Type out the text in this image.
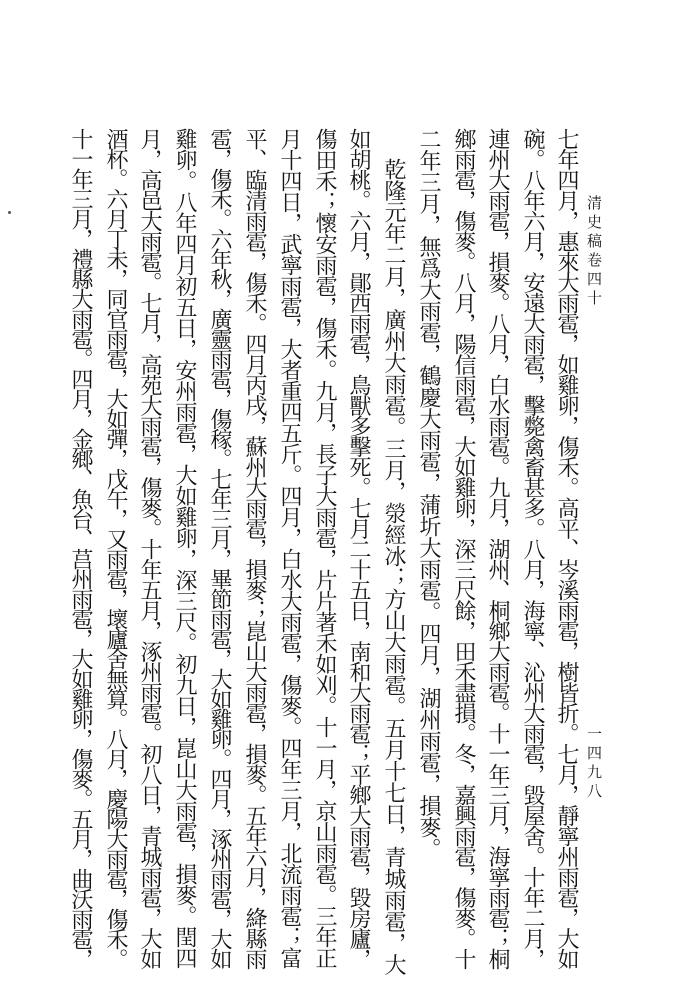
清史稿卷四十
一四九八
七年四月，惠來大雨雹，如雞卵，傷禾。高平、岑溪雨雹，樹皆折。七月，靜寧州雨雹，大如
碗。八年六月，安遠大雨雹，擊斃禽畜甚多。八月，海寧、沁州大雨雹，毀屋舍。十年二月，
連州大雨雹，損麥。八月，白水雨雹。九月，湖州、桐鄉大雨雹。十一年三月，海寧雨雹；桐
鄉雨雹，傷麥。八月，陽信雨雹，大如雞卵，深三尺餘，田禾盡損。冬，嘉興雨雹，傷麥。十
二年三月，無爲大雨雹，鶴慶大雨雹，蒲圻大雨雹。四月，湖州雨雹，損麥。
乾隆元年二月，廣州大雨雹。三月，滎經冰；方山大雨雹。五月十七日，青城雨雹，大
如胡桃。六月，鄖西雨雹，鳥獸多擊死。七月二十五日，南和大雨雹；平鄉大雨雹，毀房廬，
傷田禾；懷安雨雹，傷禾。九月，長子大雨雹，片片著禾如刈。十一月，京山雨雹。三年正
月十四日，武寧雨雹，大者重四五斤。四月，白水大雨雹，傷麥。四年三月，北流雨雹；富
平、臨清雨雹，傷禾。四月丙戌，蘇州大雨雹，損麥；崑山大雨雹，損麥。五年六月，絳縣雨
雹，傷禾。六年秋，廣靈雨雹，傷稼。七年三月，畢節雨雹，大如雞卵。四月，涿州雨雹，大如
雞卵。八年四月初五日，安州雨雹，大如雞卵，深三尺。初九日，崑山大雨雹，損麥。閏四
月，高邑大雨雹。七月，高苑大雨雹，傷麥。十年五月，涿州雨雹。初八日，青城雨雹，大如
酒杯。六月丁未，同官雨雹，大如彈，戊午，又雨雹，壞廬舍無算。八月，慶陽大雨雹，傷禾。
十一年三月，禮縣大雨雹。四月，金鄉、魚台、莒州雨雹，大如雞卵，傷麥。五月，曲沃雨雹，
